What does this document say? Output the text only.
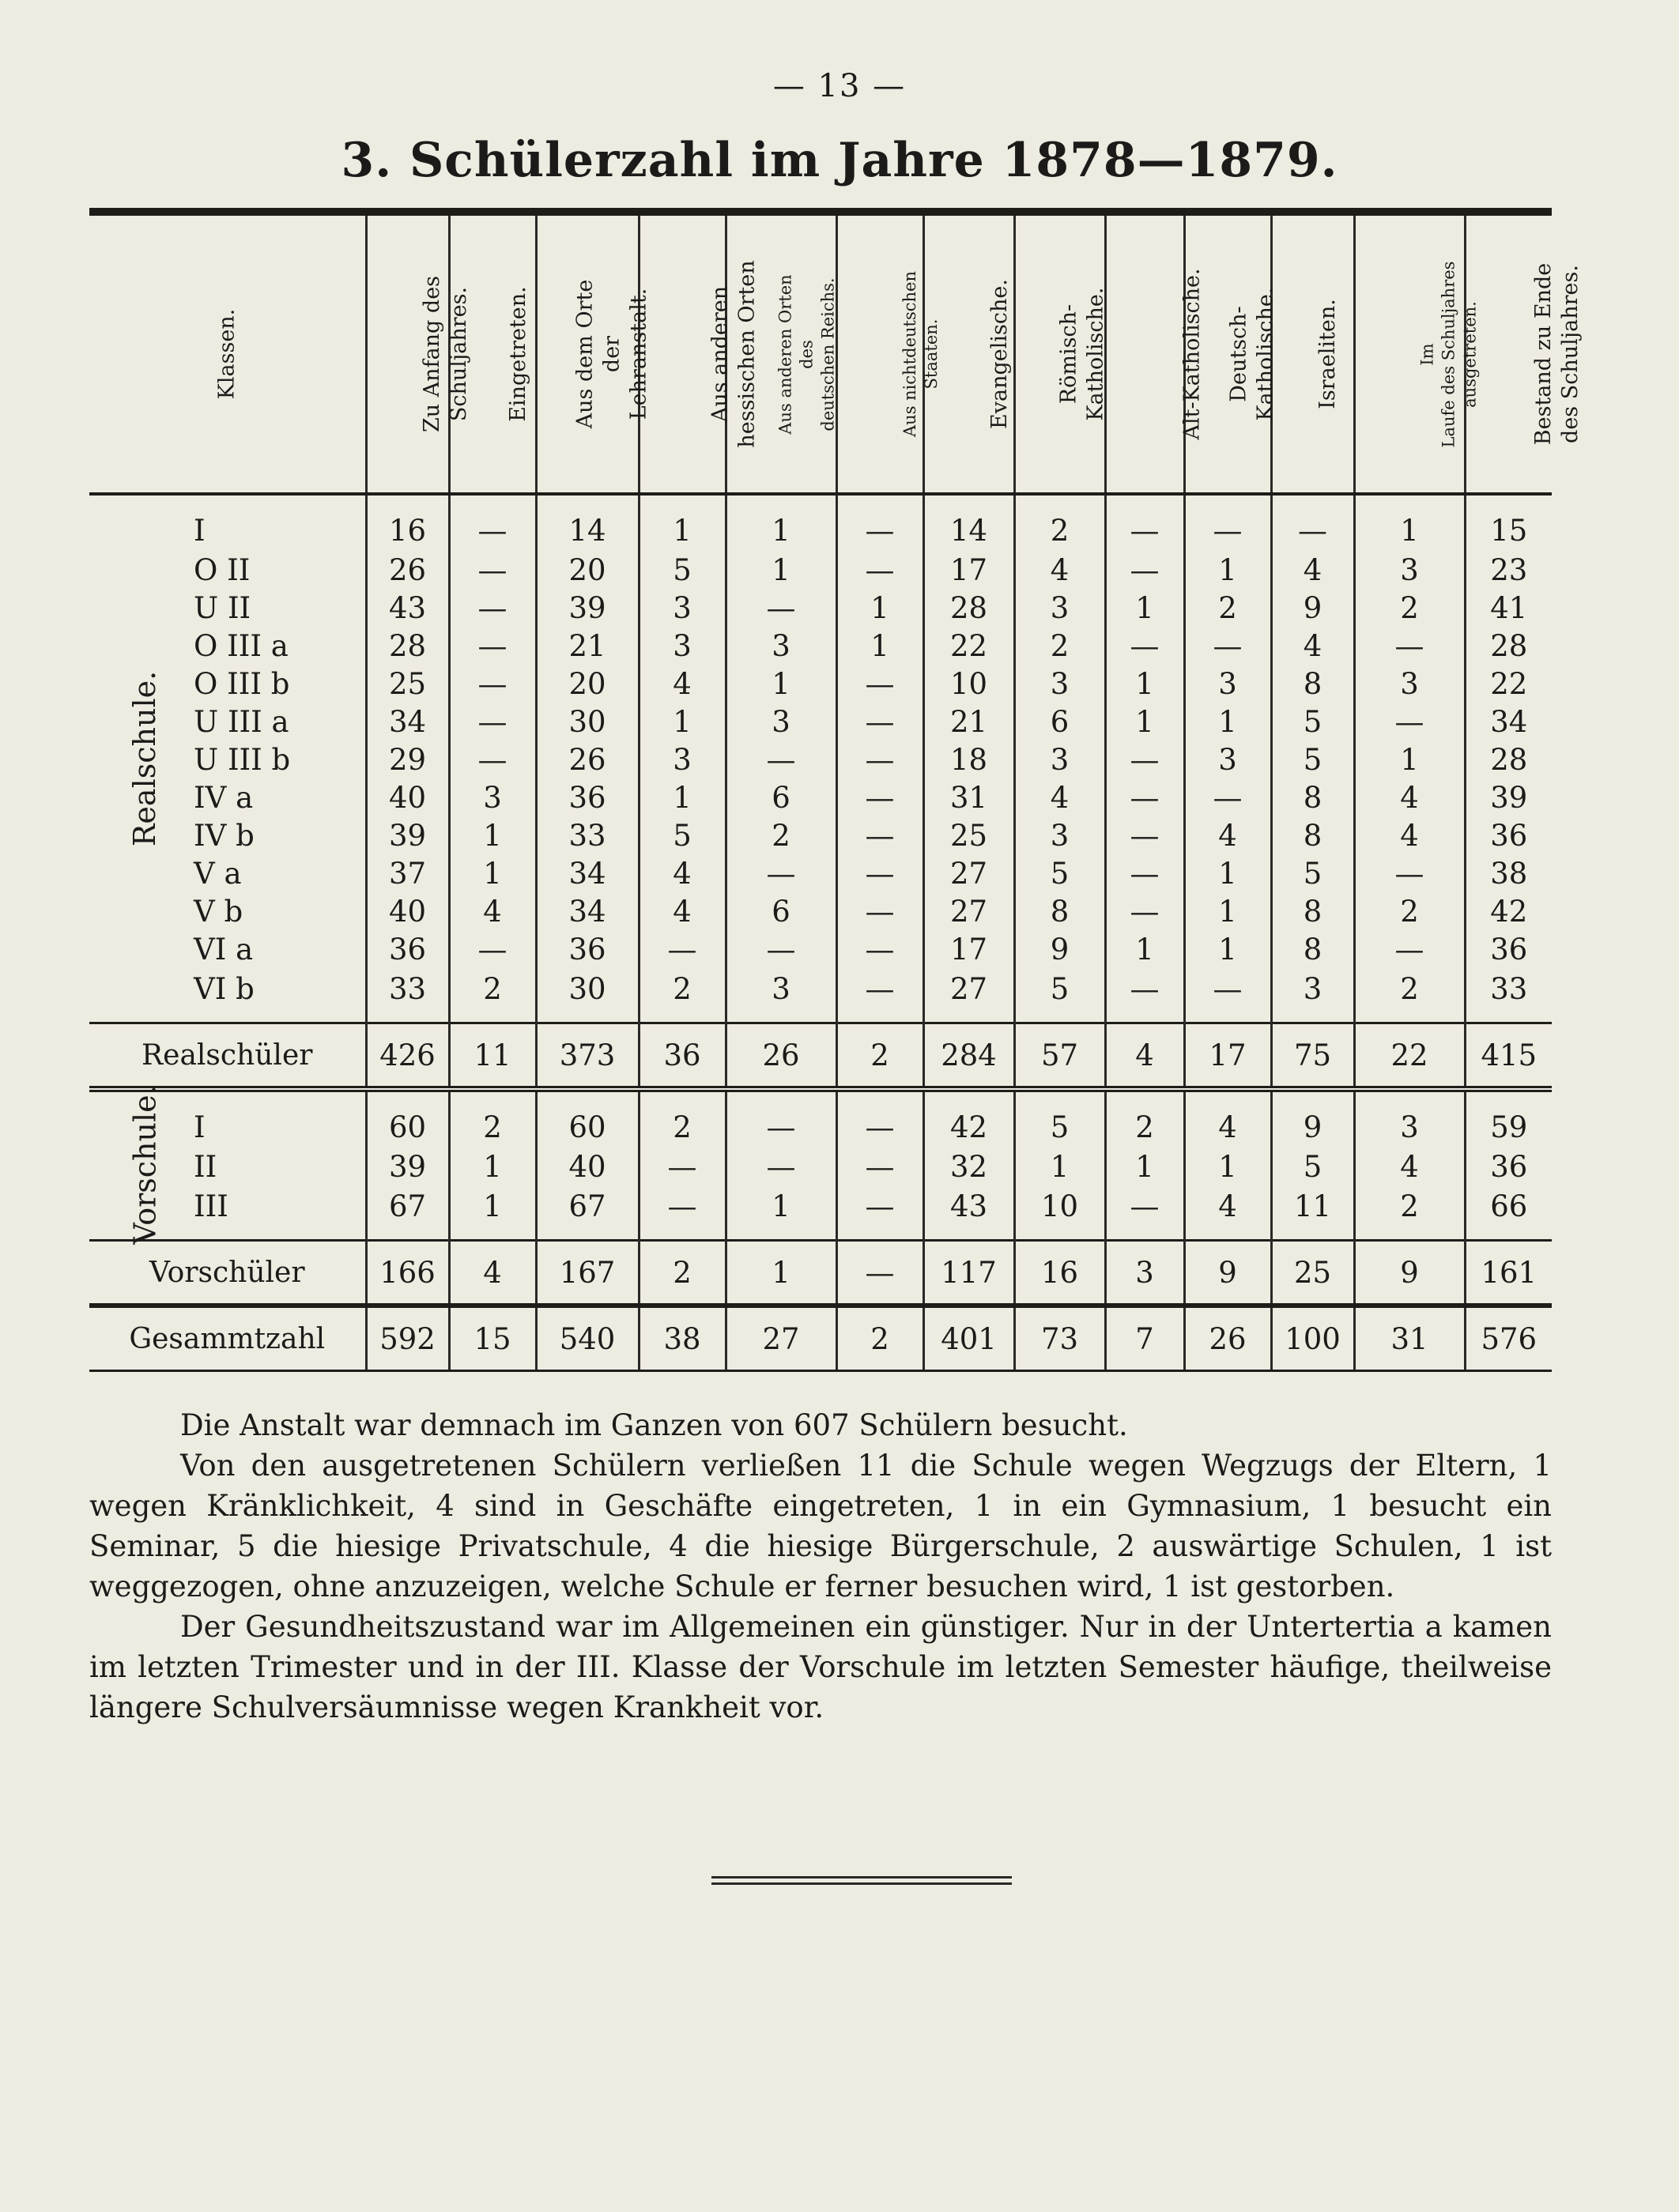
— 13 —
3. Schülerzahl im Jahre 1878—1879.
Klassen.	Zu Anfang des Schuljahres.	Eingetreten.	Aus dem Orte der Lehranstalt.	Aus anderen hessischen Orten	Aus anderen Orten des deutschen Reichs.	Aus nichtdeutschen Staaten.	Evangelische.	Römisch- Katholische.	Alt-Katholische.	Deutsch- Katholische.	Israeliten.	Im Laufe des Schuljahres ausgetreten.	Bestand zu Ende des Schuljahres.
I	16	—	14	1	1	—	14	2	—	—	—	1	15
O II	26	—	20	5	1	—	17	4	—	1	4	3	23
U II	43	—	39	3	—	1	28	3	1	2	9	2	41
O III a	28	—	21	3	3	1	22	2	—	—	4	—	28
O III b	25	—	20	4	1	—	10	3	1	3	8	3	22
U III a	34	—	30	1	3	—	21	6	1	1	5	—	34
U III b	29	—	26	3	—	—	18	3	—	3	5	1	28
IV a	40	3	36	1	6	—	31	4	—	—	8	4	39
IV b	39	1	33	5	2	—	25	3	—	4	8	4	36
V a	37	1	34	4	—	—	27	5	—	1	5	—	38
V b	40	4	34	4	6	—	27	8	—	1	8	2	42
VI a	36	—	36	—	—	—	17	9	1	1	8	—	36
VI b	33	2	30	2	3	—	27	5	—	—	3	2	33
Realschüler	426	11	373	36	26	2	284	57	4	17	75	22	415
I	60	2	60	2	—	—	42	5	2	4	9	3	59
II	39	1	40	—	—	—	32	1	1	1	5	4	36
III	67	1	67	—	1	—	43	10	—	4	11	2	66
Vorschüler	166	4	167	2	1	—	117	16	3	9	25	9	161
Gesammtzahl	592	15	540	38	27	2	401	73	7	26	100	31	576
Realschule.
Vorschule.

Die Anstalt war demnach im Ganzen von 607 Schülern besucht.

Von den ausgetretenen Schülern verließen 11 die Schule wegen Wegzugs der Eltern, 1 wegen Kränklichkeit, 4 sind in Geschäfte eingetreten, 1 in ein Gymnasium, 1 besucht ein Seminar, 5 die hiesige Privatschule, 4 die hiesige Bürgerschule, 2 auswärtige Schulen, 1 ist weggezogen, ohne anzuzeigen, welche Schule er ferner besuchen wird, 1 ist gestorben.

Der Gesundheitszustand war im Allgemeinen ein günstiger. Nur in der Untertertia a kamen im letzten Trimester und in der III. Klasse der Vorschule im letzten Semester häufige, theilweise längere Schulversäumnisse wegen Krankheit vor.
